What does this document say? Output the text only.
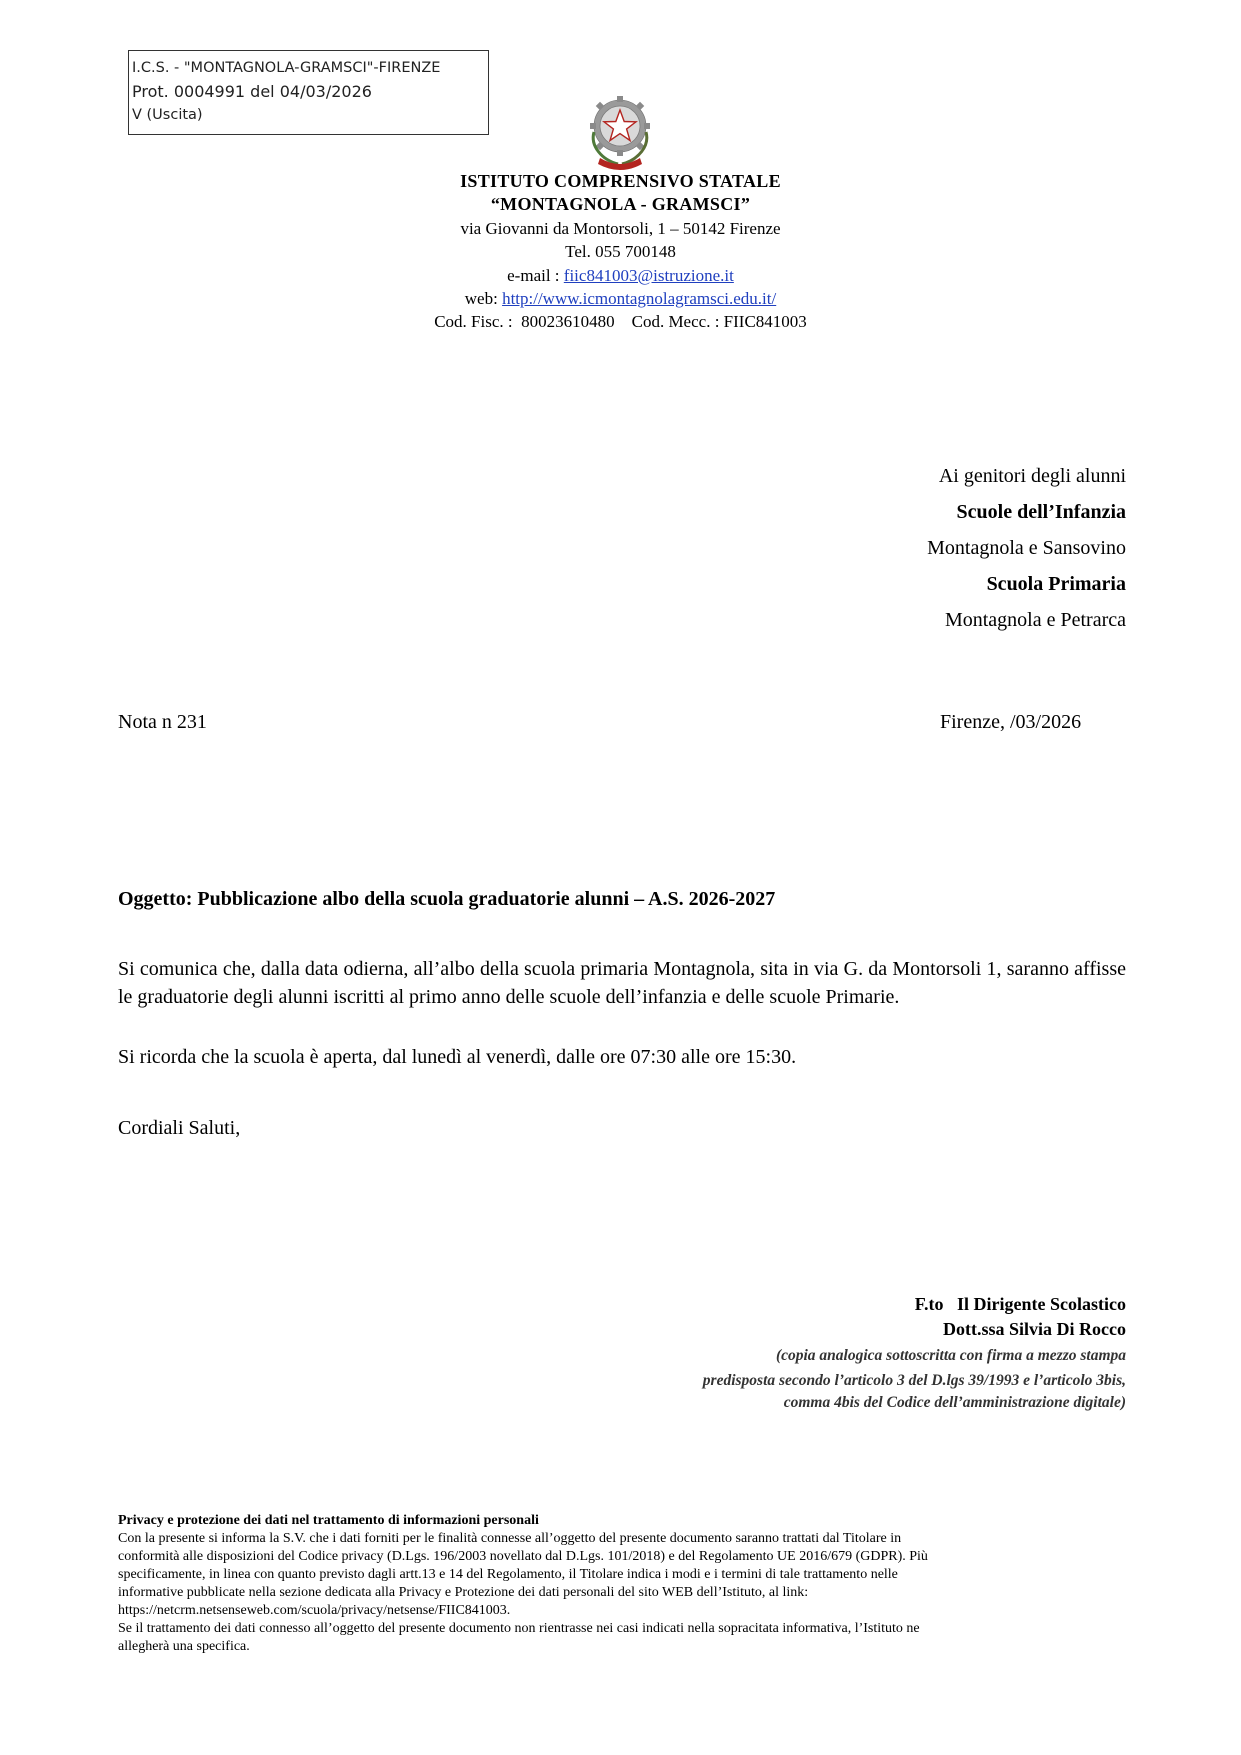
I.C.S. - "MONTAGNOLA-GRAMSCI"-FIRENZE
Prot. 0004991 del 04/03/2026
V (Uscita)
ISTITUTO COMPRENSIVO STATALE
“MONTAGNOLA - GRAMSCI”
via Giovanni da Montorsoli, 1 – 50142 Firenze
Tel. 055 700148
e-mail : fiic841003@istruzione.it
web: http://www.icmontagnolagramsci.edu.it/
Cod. Fisc. :  80023610480    Cod. Mecc. : FIIC841003
Ai genitori degli alunni
Scuole dell’Infanzia
Montagnola e Sansovino
Scuola Primaria
Montagnola e Petrarca
Nota n 231	Firenze, /03/2026
Oggetto: Pubblicazione albo della scuola graduatorie alunni – A.S. 2026-2027
Si comunica che, dalla data odierna, all’albo della scuola primaria Montagnola, sita in via G. da Montorsoli 1, saranno affisse le graduatorie degli alunni iscritti al primo anno delle scuole dell’infanzia e delle scuole Primarie.
Si ricorda che la scuola è aperta, dal lunedì al venerdì, dalle ore 07:30 alle ore 15:30.
Cordiali Saluti,
F.to   Il Dirigente Scolastico
Dott.ssa Silvia Di Rocco
(copia analogica sottoscritta con firma a mezzo stampa
predisposta secondo l’articolo 3 del D.lgs 39/1993 e l’articolo 3bis,
comma 4bis del Codice dell’amministrazione digitale)
Privacy e protezione dei dati nel trattamento di informazioni personali
Con la presente si informa la S.V. che i dati forniti per le finalità connesse all’oggetto del presente documento saranno trattati dal Titolare in
conformità alle disposizioni del Codice privacy (D.Lgs. 196/2003 novellato dal D.Lgs. 101/2018) e del Regolamento UE 2016/679 (GDPR). Più
specificamente, in linea con quanto previsto dagli artt.13 e 14 del Regolamento, il Titolare indica i modi e i termini di tale trattamento nelle
informative pubblicate nella sezione dedicata alla Privacy e Protezione dei dati personali del sito WEB dell’Istituto, al link:
https://netcrm.netsenseweb.com/scuola/privacy/netsense/FIIC841003.
Se il trattamento dei dati connesso all’oggetto del presente documento non rientrasse nei casi indicati nella sopracitata informativa, l’Istituto ne
allegherà una specifica.
